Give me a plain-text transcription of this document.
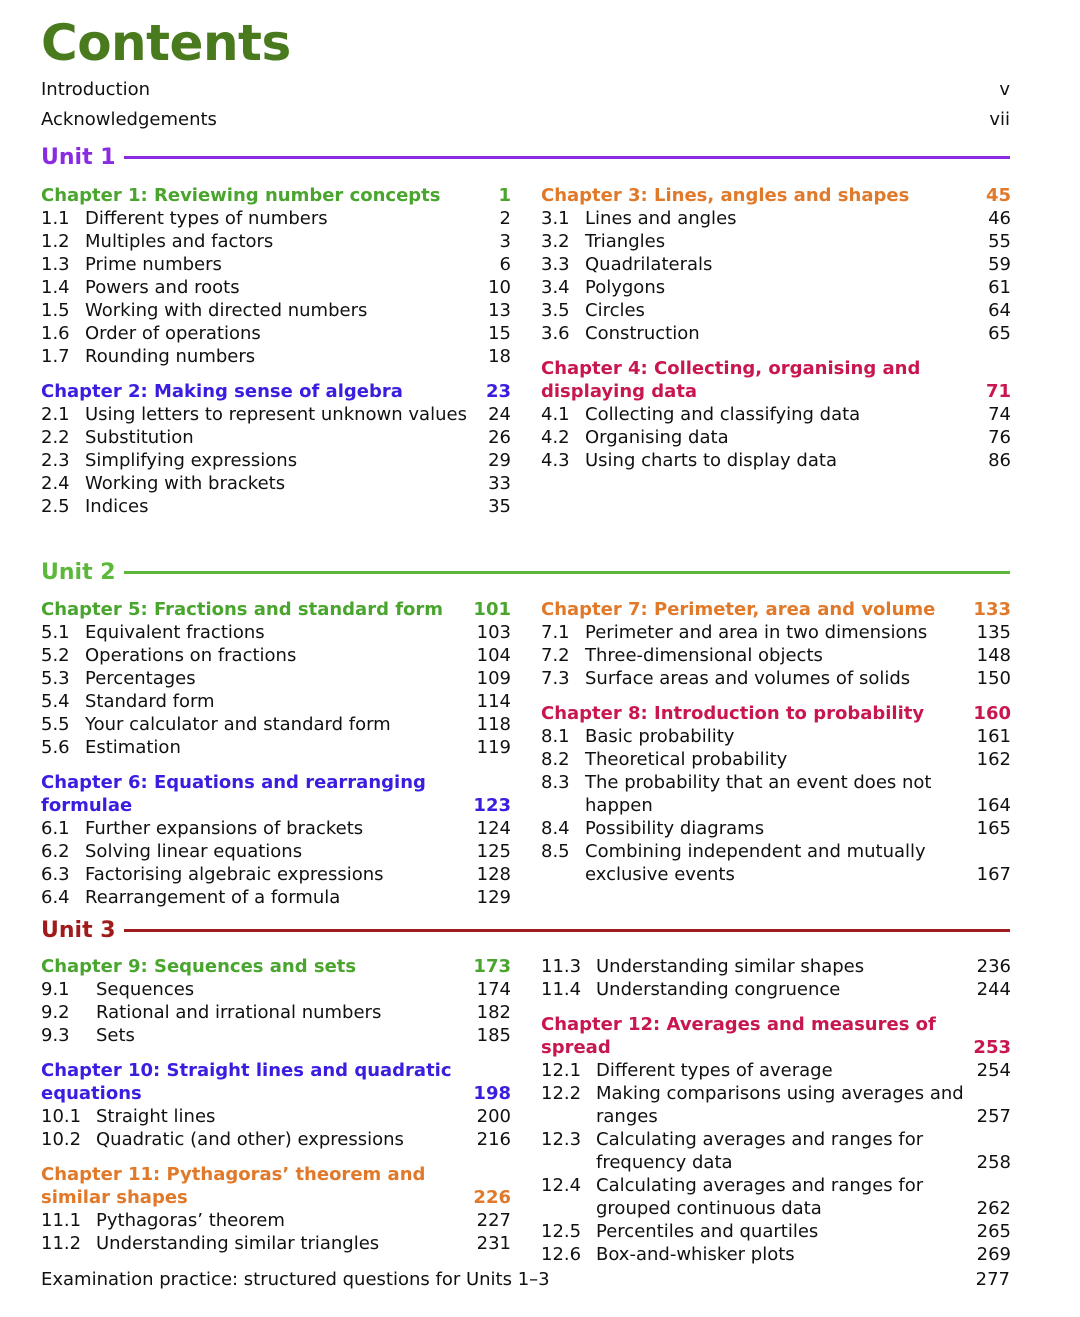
Contents
Introduction	v
Acknowledgements	vii
Unit 1
Chapter 1: Reviewing number concepts	1
1.1 Different types of numbers	2
1.2 Multiples and factors	3
1.3 Prime numbers	6
1.4 Powers and roots	10
1.5 Working with directed numbers	13
1.6 Order of operations	15
1.7 Rounding numbers	18
Chapter 2: Making sense of algebra	23
2.1 Using letters to represent unknown values	24
2.2 Substitution	26
2.3 Simplifying expressions	29
2.4 Working with brackets	33
2.5 Indices	35
Chapter 3: Lines, angles and shapes	45
3.1 Lines and angles	46
3.2 Triangles	55
3.3 Quadrilaterals	59
3.4 Polygons	61
3.5 Circles	64
3.6 Construction	65
Chapter 4: Collecting, organising and displaying data	71
4.1 Collecting and classifying data	74
4.2 Organising data	76
4.3 Using charts to display data	86
Unit 2
Chapter 5: Fractions and standard form	101
5.1 Equivalent fractions	103
5.2 Operations on fractions	104
5.3 Percentages	109
5.4 Standard form	114
5.5 Your calculator and standard form	118
5.6 Estimation	119
Chapter 6: Equations and rearranging formulae	123
6.1 Further expansions of brackets	124
6.2 Solving linear equations	125
6.3 Factorising algebraic expressions	128
6.4 Rearrangement of a formula	129
Chapter 7: Perimeter, area and volume	133
7.1 Perimeter and area in two dimensions	135
7.2 Three-dimensional objects	148
7.3 Surface areas and volumes of solids	150
Chapter 8: Introduction to probability	160
8.1 Basic probability	161
8.2 Theoretical probability	162
8.3 The probability that an event does not happen	164
8.4 Possibility diagrams	165
8.5 Combining independent and mutually exclusive events	167
Unit 3
Chapter 9: Sequences and sets	173
9.1	Sequences	174
9.2	Rational and irrational numbers	182
9.3	Sets	185
Chapter 10: Straight lines and quadratic equations	198
10.1 Straight lines	200
10.2 Quadratic (and other) expressions	216
Chapter 11: Pythagoras’ theorem and similar shapes	226
11.1 Pythagoras’ theorem	227
11.2 Understanding similar triangles	231
11.3 Understanding similar shapes	236
11.4 Understanding congruence	244
Chapter 12: Averages and measures of spread	253
12.1 Different types of average	254
12.2 Making comparisons using averages and ranges	257
12.3 Calculating averages and ranges for frequency data	258
12.4 Calculating averages and ranges for grouped continuous data	262
12.5 Percentiles and quartiles	265
12.6 Box-and-whisker plots	269
Examination practice: structured questions for Units 1–3	277
